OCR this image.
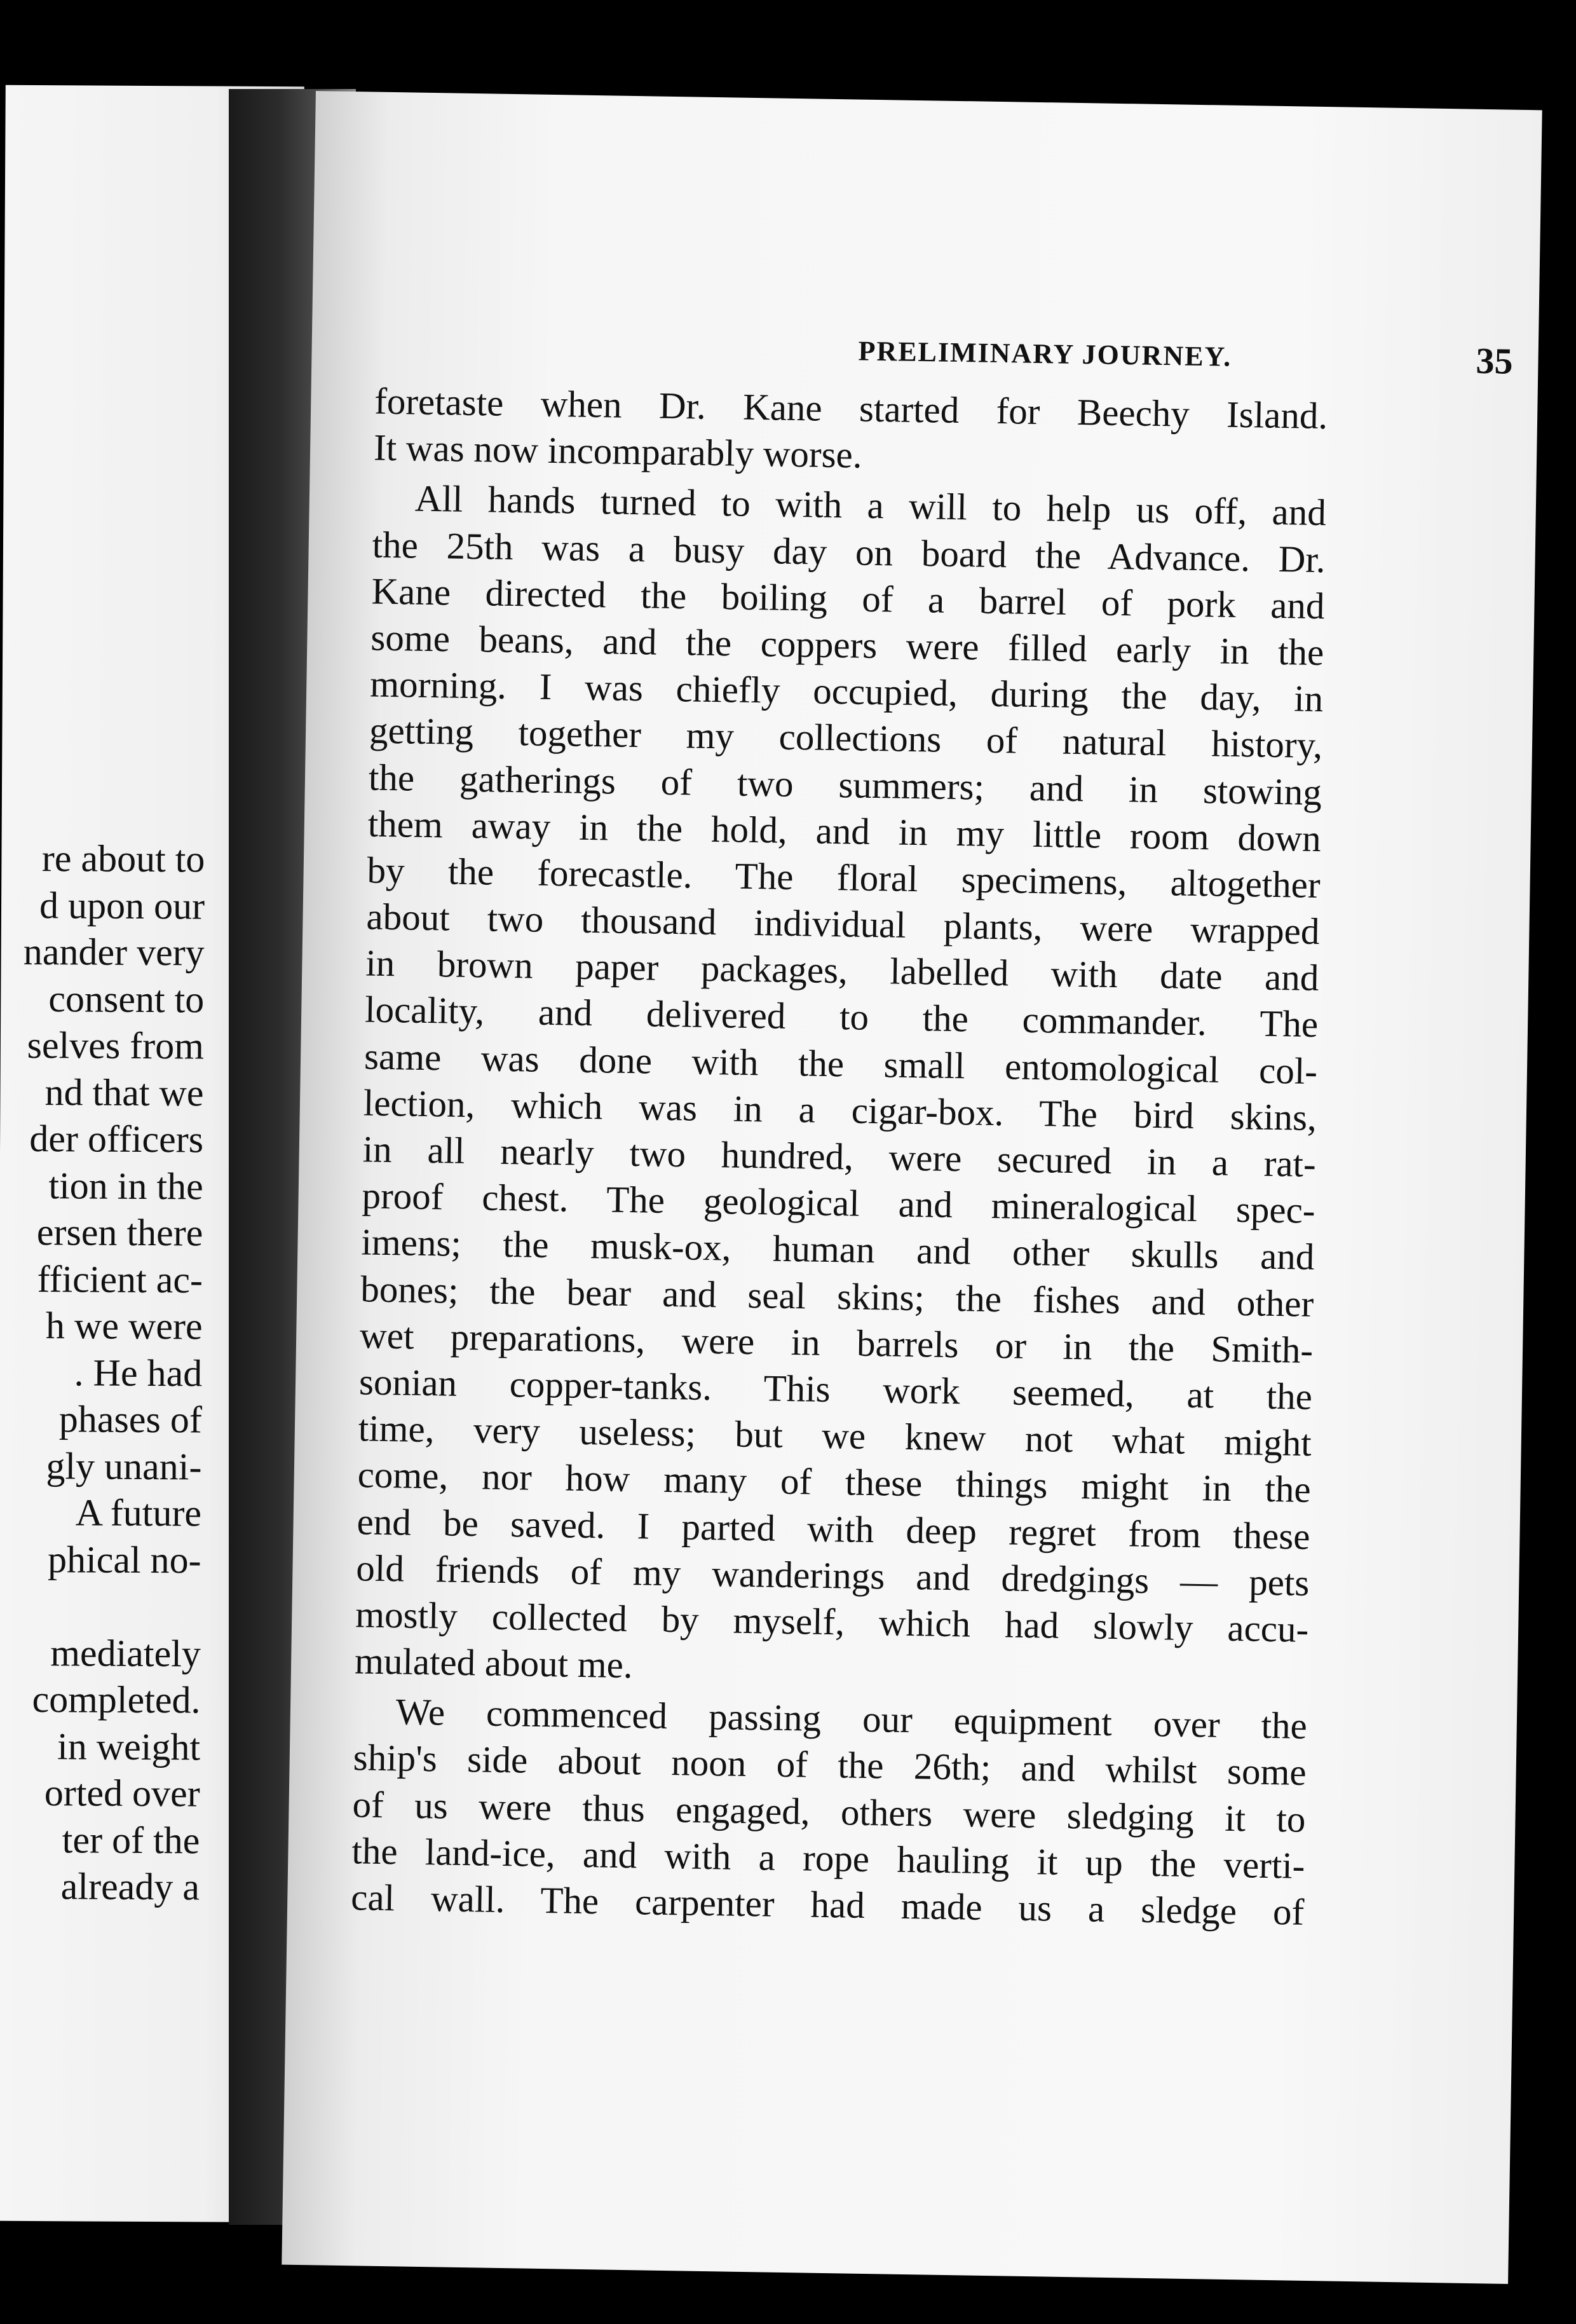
re about to
d upon our
nander very
consent to
selves from
nd that we
der officers
tion in the
ersen there
fficient ac-
h we were
. He had
phases of
gly unani-
A future
phical no-
mediately
completed.
in weight
orted over
ter of the
already a
PRELIMINARY JOURNEY.	35
foretaste when Dr. Kane started for Beechy Island.
It was now incomparably worse.
All hands turned to with a will to help us off, and
the 25th was a busy day on board the Advance. Dr.
Kane directed the boiling of a barrel of pork and
some beans, and the coppers were filled early in the
morning. I was chiefly occupied, during the day, in
getting together my collections of natural history,
the gatherings of two summers; and in stowing
them away in the hold, and in my little room down
by the forecastle. The floral specimens, altogether
about two thousand individual plants, were wrapped
in brown paper packages, labelled with date and
locality, and delivered to the commander. The
same was done with the small entomological col-
lection, which was in a cigar-box. The bird skins,
in all nearly two hundred, were secured in a rat-
proof chest. The geological and mineralogical spec-
imens; the musk-ox, human and other skulls and
bones; the bear and seal skins; the fishes and other
wet preparations, were in barrels or in the Smith-
sonian copper-tanks. This work seemed, at the
time, very useless; but we knew not what might
come, nor how many of these things might in the
end be saved. I parted with deep regret from these
old friends of my wanderings and dredgings — pets
mostly collected by myself, which had slowly accu-
mulated about me.
We commenced passing our equipment over the
ship's side about noon of the 26th; and whilst some
of us were thus engaged, others were sledging it to
the land-ice, and with a rope hauling it up the verti-
cal wall. The carpenter had made us a sledge of
